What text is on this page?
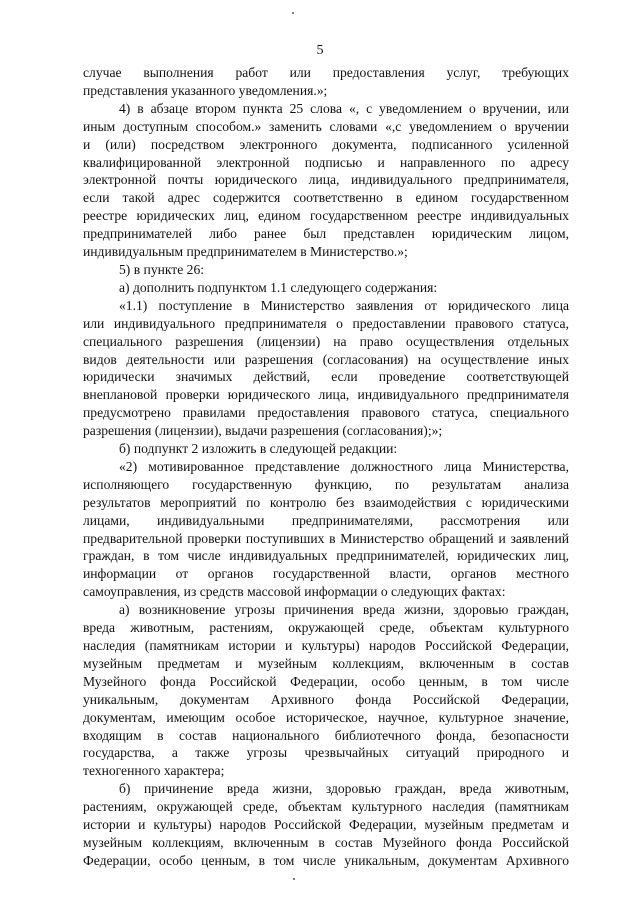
5

случае выполнения работ или предоставления услуг, требующих

представления указанного уведомления.»;

4) в абзаце втором пункта 25 слова «, с уведомлением о вручении, или

иным доступным способом.» заменить словами «,с уведомлением о вручении

и (или) посредством электронного документа, подписанного усиленной

квалифицированной электронной подписью и направленного по адресу

электронной почты юридического лица, индивидуального предпринимателя,

если такой адрес содержится соответственно в едином государственном

реестре юридических лиц, едином государственном реестре индивидуальных

предпринимателей либо ранее был представлен юридическим лицом,

индивидуальным предпринимателем в Министерство.»;

5) в пункте 26:

а) дополнить подпунктом 1.1 следующего содержания:

«1.1) поступление в Министерство заявления от юридического лица

или индивидуального предпринимателя о предоставлении правового статуса,

специального разрешения (лицензии) на право осуществления отдельных

видов деятельности или разрешения (согласования) на осуществление иных

юридически значимых действий, если проведение соответствующей

внеплановой проверки юридического лица, индивидуального предпринимателя

предусмотрено правилами предоставления правового статуса, специального

разрешения (лицензии), выдачи разрешения (согласования);»;

б) подпункт 2 изложить в следующей редакции:

«2) мотивированное представление должностного лица Министерства,

исполняющего государственную функцию, по результатам анализа

результатов мероприятий по контролю без взаимодействия с юридическими

лицами, индивидуальными предпринимателями, рассмотрения или

предварительной проверки поступивших в Министерство обращений и заявлений

граждан, в том числе индивидуальных предпринимателей, юридических лиц,

информации от органов государственной власти, органов местного

самоуправления, из средств массовой информации о следующих фактах:

а) возникновение угрозы причинения вреда жизни, здоровью граждан,

вреда животным, растениям, окружающей среде, объектам культурного

наследия (памятникам истории и культуры) народов Российской Федерации,

музейным предметам и музейным коллекциям, включенным в состав

Музейного фонда Российской Федерации, особо ценным, в том числе

уникальным, документам Архивного фонда Российской Федерации,

документам, имеющим особое историческое, научное, культурное значение,

входящим в состав национального библиотечного фонда, безопасности

государства, а также угрозы чрезвычайных ситуаций природного и

техногенного характера;

б) причинение вреда жизни, здоровью граждан, вреда животным,

растениям, окружающей среде, объектам культурного наследия (памятникам

истории и культуры) народов Российской Федерации, музейным предметам и

музейным коллекциям, включенным в состав Музейного фонда Российской

Федерации, особо ценным, в том числе уникальным, документам Архивного
